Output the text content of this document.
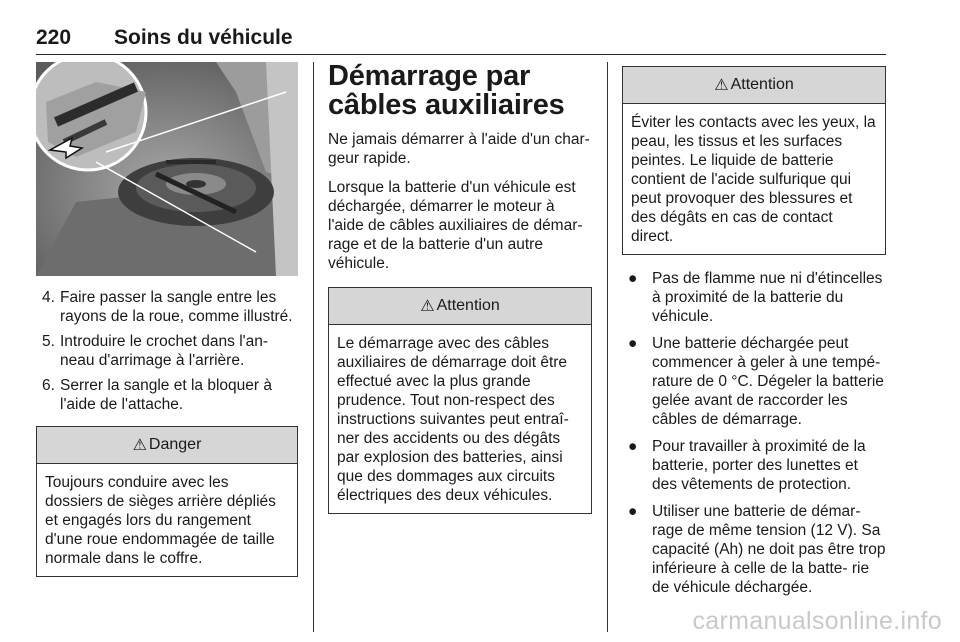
220 Soins du véhicule
4. Faire passer la sangle entre les rayons de la roue, comme illustré.
5. Introduire le crochet dans l'an- neau d'arrimage à l'arrière.
6. Serrer la sangle et la bloquer à l'aide de l'attache.
⚠ Danger
Toujours conduire avec les dossiers de sièges arrière dépliés et engagés lors du rangement d'une roue endommagée de taille normale dans le coffre.
Démarrage par câbles auxiliaires

Ne jamais démarrer à l'aide d'un char- geur rapide.

Lorsque la batterie d'un véhicule est déchargée, démarrer le moteur à l'aide de câbles auxiliaires de démar- rage et de la batterie d'un autre véhicule.

⚠ Attention
Le démarrage avec des câbles auxiliaires de démarrage doit être effectué avec la plus grande prudence. Tout non-respect des instructions suivantes peut entraî- ner des accidents ou des dégâts par explosion des batteries, ainsi que des dommages aux circuits électriques des deux véhicules.
⚠ Attention
Éviter les contacts avec les yeux, la peau, les tissus et les surfaces peintes. Le liquide de batterie contient de l'acide sulfurique qui peut provoquer des blessures et des dégâts en cas de contact direct.
● Pas de flamme nue ni d'étincelles à proximité de la batterie du véhicule.
● Une batterie déchargée peut commencer à geler à une tempé- rature de 0 °C. Dégeler la batterie gelée avant de raccorder les câbles de démarrage.
● Pour travailler à proximité de la batterie, porter des lunettes et des vêtements de protection.
● Utiliser une batterie de démar- rage de même tension (12 V). Sa capacité (Ah) ne doit pas être trop inférieure à celle de la batte- rie de véhicule déchargée.
carmanualsonline.info
